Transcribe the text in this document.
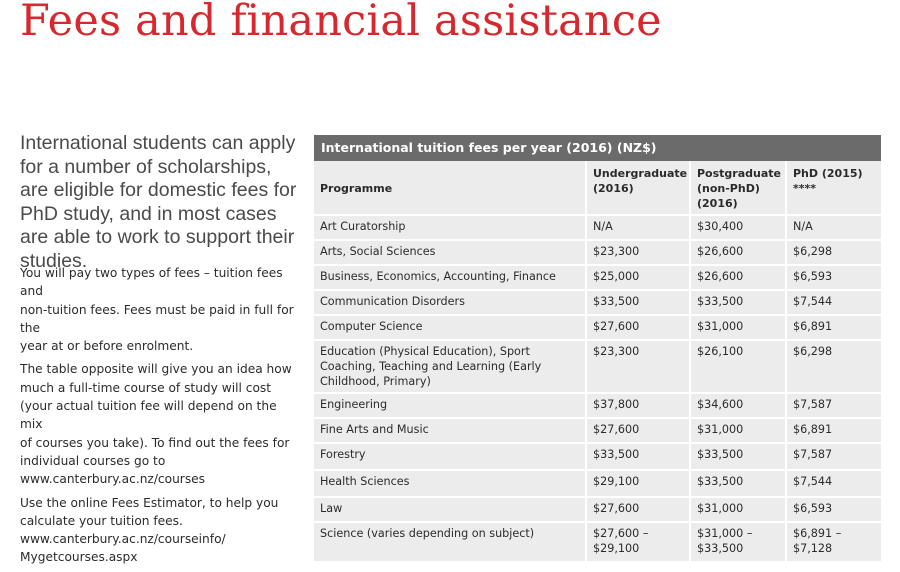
Fees and financial assistance

International students can apply for a number of scholarships, are eligible for domestic fees for PhD study, and in most cases are able to work to support their studies.

You will pay two types of fees – tuition fees and
non-tuition fees. Fees must be paid in full for the
year at or before enrolment.

The table opposite will give you an idea how
much a full-time course of study will cost
(your actual tuition fee will depend on the mix
of courses you take). To find out the fees for
individual courses go to
www.canterbury.ac.nz/courses

Use the online Fees Estimator, to help you
calculate your tuition fees.
www.canterbury.ac.nz/courseinfo/
Mygetcourses.aspx

International tuition fees per year (2016) (NZ$)
Programme	Undergraduate (2016)	Postgraduate (non-PhD) (2016)	PhD (2015) ****
Art Curatorship	N/A	$30,400	N/A
Arts, Social Sciences	$23,300	$26,600	$6,298
Business, Economics, Accounting, Finance	$25,000	$26,600	$6,593
Communication Disorders	$33,500	$33,500	$7,544
Computer Science	$27,600	$31,000	$6,891
Education (Physical Education), Sport Coaching, Teaching and Learning (Early Childhood, Primary)	$23,300	$26,100	$6,298
Engineering	$37,800	$34,600	$7,587
Fine Arts and Music	$27,600	$31,000	$6,891
Forestry	$33,500	$33,500	$7,587
Health Sciences	$29,100	$33,500	$7,544
Law	$27,600	$31,000	$6,593
Science (varies depending on subject)	$27,600 – $29,100	$31,000 – $33,500	$6,891 – $7,128
